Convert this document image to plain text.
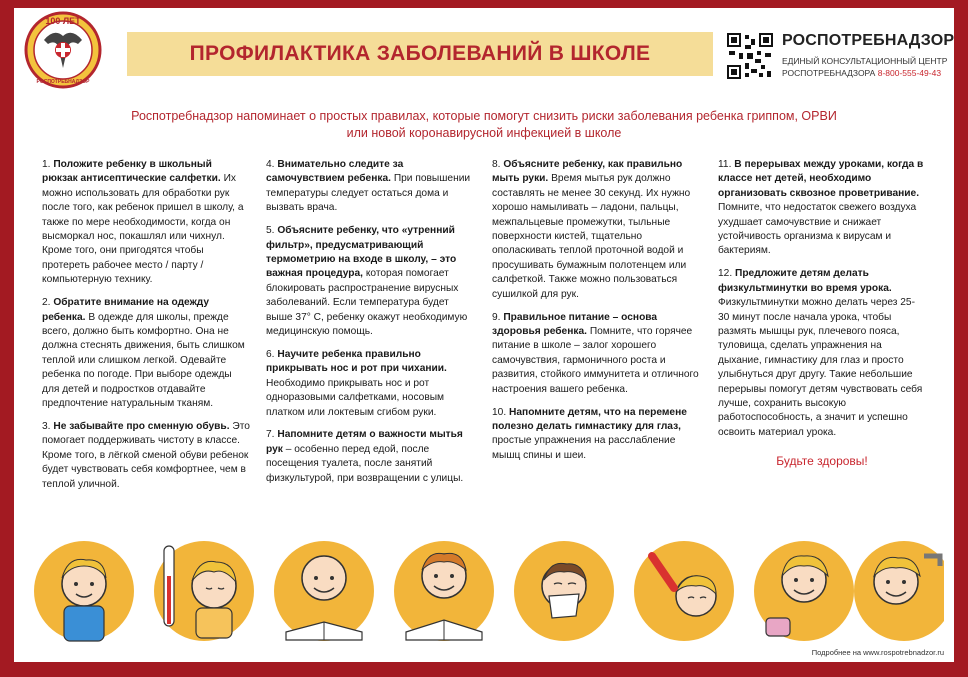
100 ЛЕТ
РОСПОТРЕБНАДЗОР
ПРОФИЛАКТИКА ЗАБОЛЕВАНИЙ В ШКОЛЕ
РОСПОТРЕБНАДЗОР
ЕДИНЫЙ КОНСУЛЬТАЦИОННЫЙ ЦЕНТР
РОСПОТРЕБНАДЗОРА 8-800-555-49-43
Роспотребнадзор напоминает о простых правилах, которые помогут снизить риски заболевания ребенка гриппом, ОРВИ
или новой коронавирусной инфекцией в школе
1. Положите ребенку в школьный рюкзак антисептические салфетки. Их можно использовать для обработки рук после того, как ребенок пришел в школу, а также по мере необходимости, когда он высморкал нос, покашлял или чихнул. Кроме того, они пригодятся чтобы протереть рабочее место / парту / компьютерную технику.
2. Обратите внимание на одежду ребенка. В одежде для школы, прежде всего, должно быть комфортно. Она не должна стеснять движения, быть слишком теплой или слишком легкой. Одевайте ребенка по погоде. При выборе одежды для детей и подростков отдавайте предпочтение натуральным тканям.
3. Не забывайте про сменную обувь. Это помогает поддерживать чистоту в классе. Кроме того, в лёгкой сменой обуви ребенок будет чувствовать себя комфортнее, чем в теплой уличной.
4. Внимательно следите за самочувствием ребенка. При повышении температуры следует остаться дома и вызвать врача.
5. Объясните ребенку, что «утренний фильтр», предусматривающий термометрию на входе в школу, – это важная процедура, которая помогает блокировать распространение вирусных заболеваний. Если температура будет выше 37° С, ребенку окажут необходимую медицинскую помощь.
6. Научите ребенка правильно прикрывать нос и рот при чихании. Необходимо прикрывать нос и рот одноразовыми салфетками, носовым платком или локтевым сгибом руки.
7. Напомните детям о важности мытья рук – особенно перед едой, после посещения туалета, после занятий физкультурой, при возвращении с улицы.
8. Объясните ребенку, как правильно мыть руки. Время мытья рук должно составлять не менее 30 секунд. Их нужно хорошо намыливать – ладони, пальцы, межпальцевые промежутки, тыльные поверхности кистей, тщательно ополаскивать теплой проточной водой и просушивать бумажным полотенцем или салфеткой. Также можно пользоваться сушилкой для рук.
9. Правильное питание – основа здоровья ребенка. Помните, что горячее питание в школе – залог хорошего самочувствия, гармоничного роста и развития, стойкого иммунитета и отличного настроения вашего ребенка.
10. Напомните детям, что на перемене полезно делать гимнастику для глаз, простые упражнения на расслабление мышц спины и шеи.
11. В перерывах между уроками, когда в классе нет детей, необходимо организовать сквозное проветривание. Помните, что недостаток свежего воздуха ухудшает самочувствие и снижает устойчивость организма к вирусам и бактериям.
12. Предложите детям делать физкультминутки во время урока. Физкультминутки можно делать через 25-30 минут после начала урока, чтобы размять мышцы рук, плечевого пояса, туловища, сделать упражнения на дыхание, гимнастику для глаз и просто улыбнуться друг другу. Такие небольшие перерывы помогут детям чувствовать себя лучше, сохранить высокую работоспособность, а значит и успешно освоить материал урока.
Будьте здоровы!
Подробнее на www.rospotrebnadzor.ru
